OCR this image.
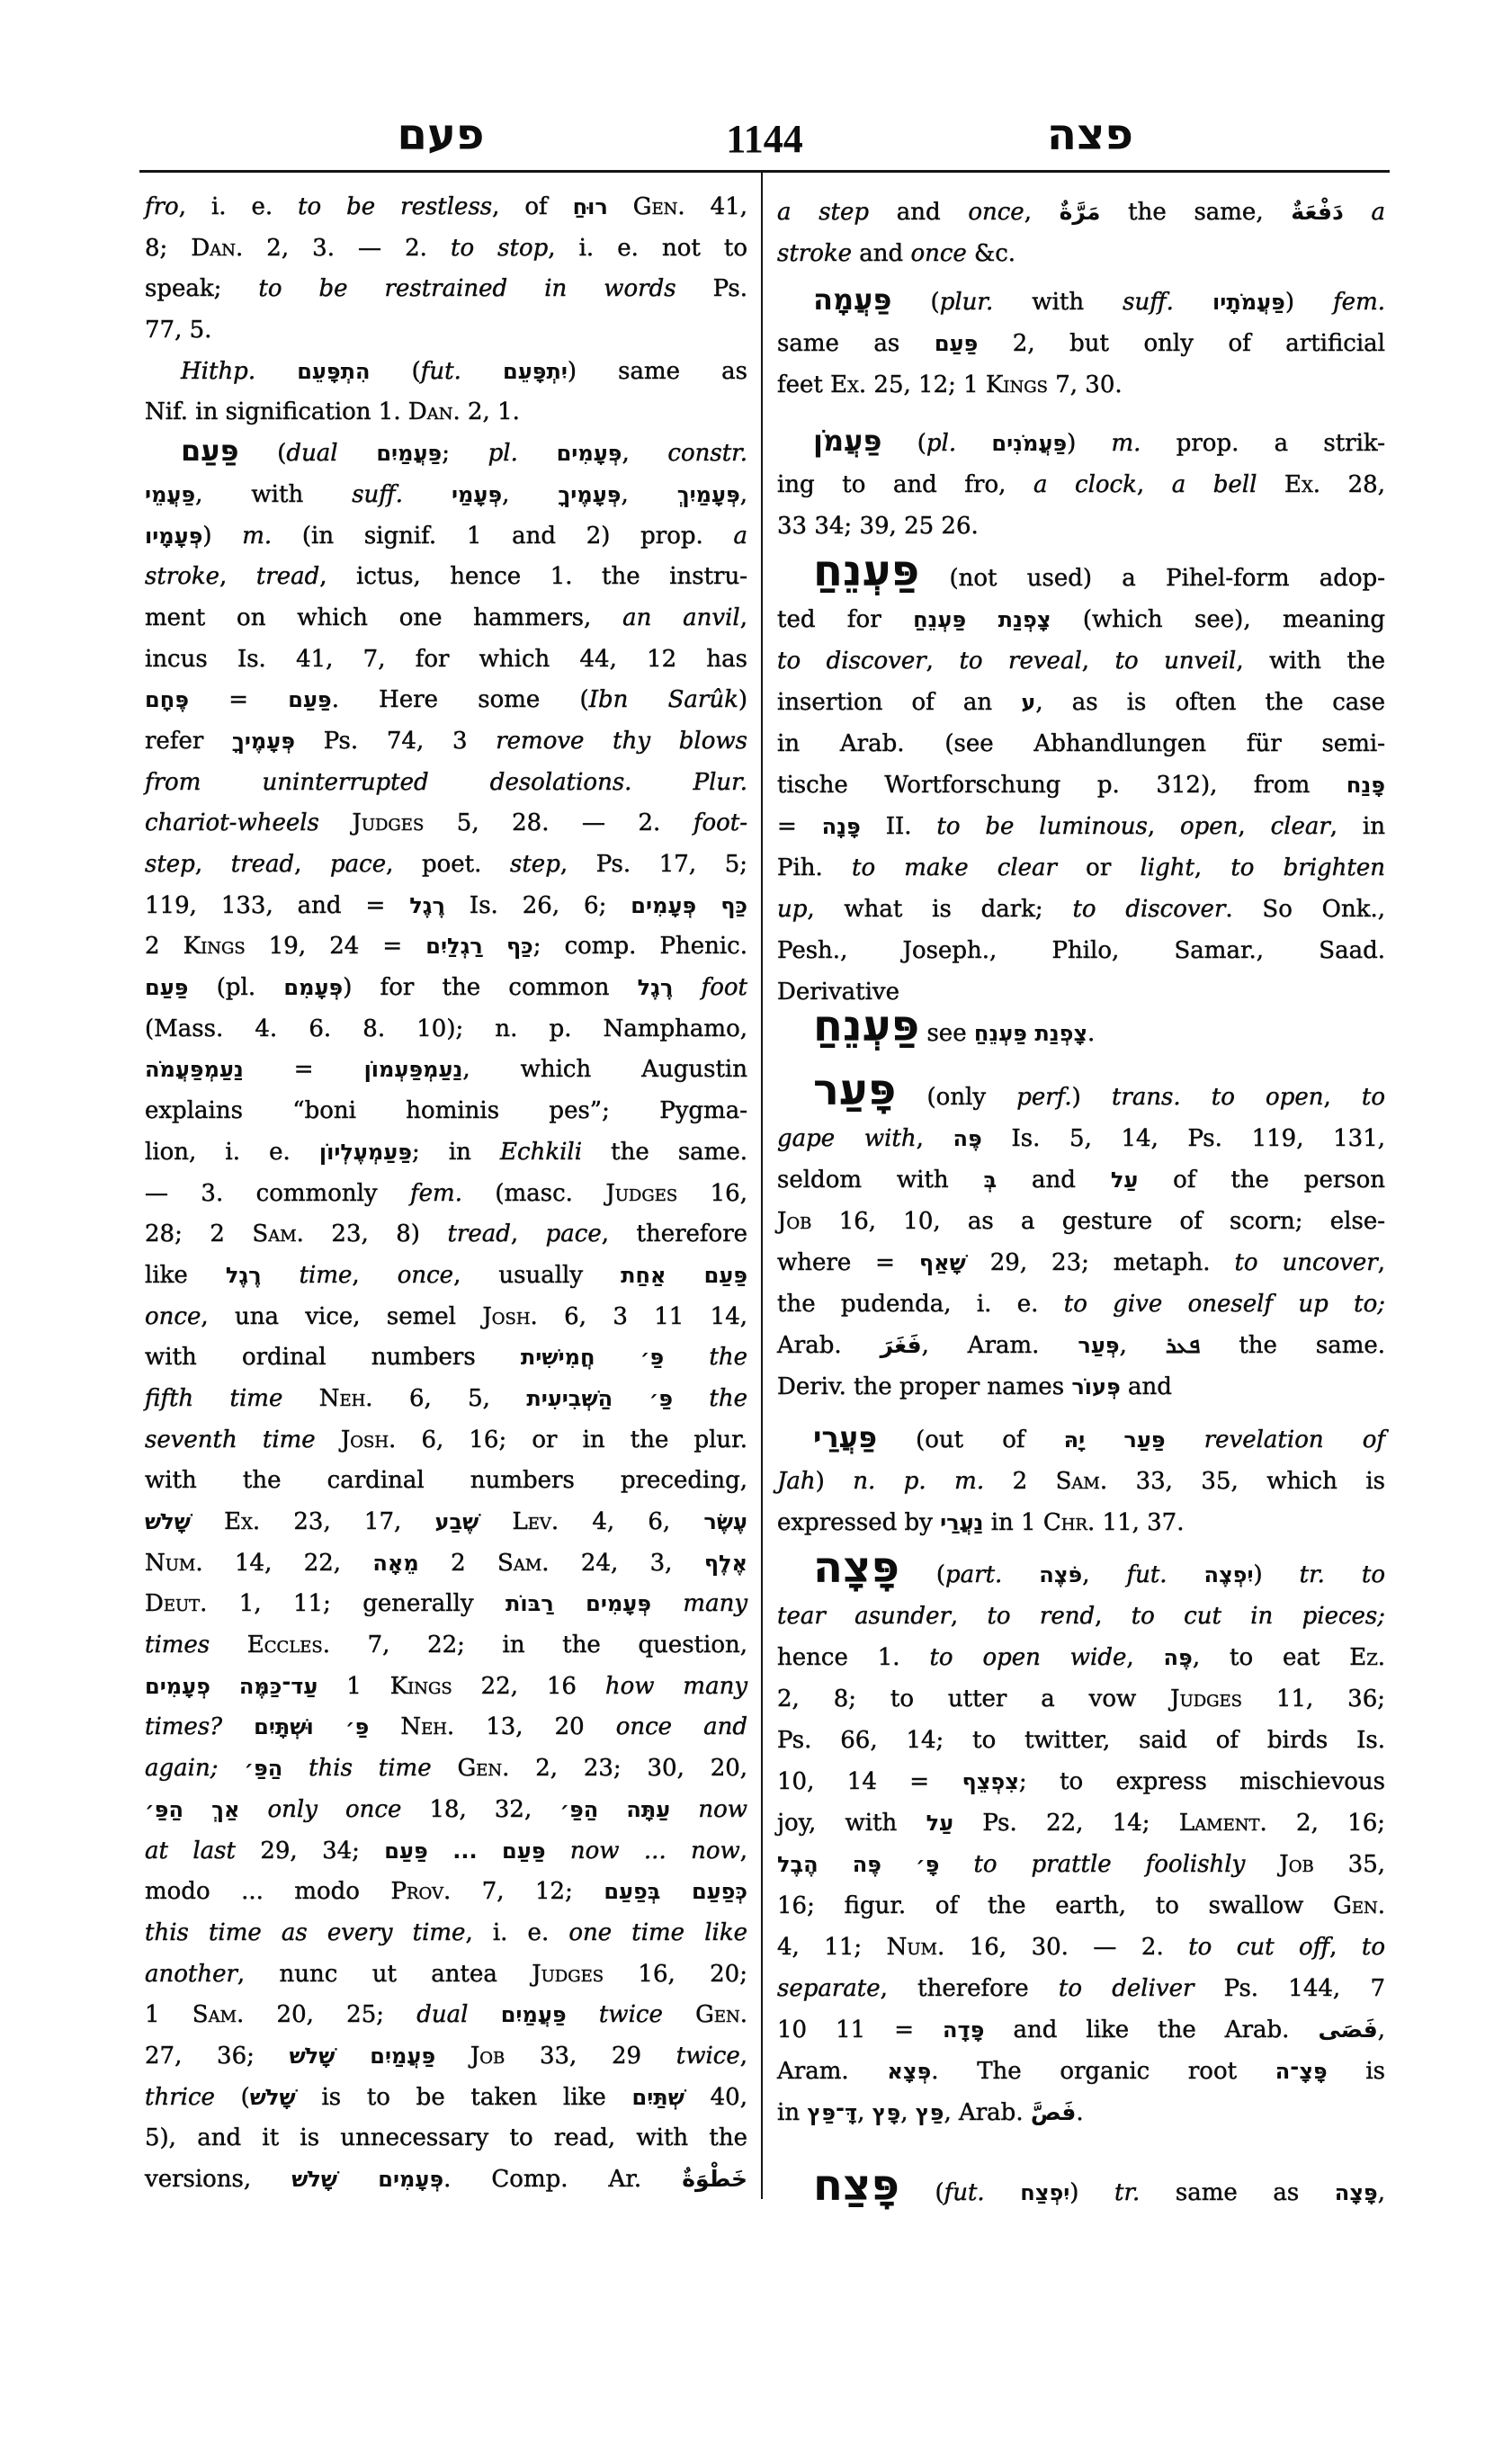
פעם	1144	פצה
fro, i. e. to be restless, of רוּחַ Gen. 41,
8; Dan. 2, 3. — 2. to stop, i. e. not to
speak; to be restrained in words Ps.
77, 5.
Hithp. הִתְפָּעֵם (fut. יִתְפָּעֵם) same as
Nif. in signification 1. Dan. 2, 1.
פַּעַם (dual פַּעֲמַיִם; pl. פְּעָמִים, constr.
פַּעֲמֵי, with suff. פְּעָמַי, פְּעָמֶיךָ, פְּעָמַיִךְ,
פְּעָמָיו) m. (in signif. 1 and 2) prop. a
stroke, tread, ictus, hence 1. the instru-
ment on which one hammers, an anvil,
incus Is. 41, 7, for which 44, 12 has
פֶּחָם = פַּעַם. Here some (Ibn Sarûk)
refer פְּעָמֶיךָ Ps. 74, 3 remove thy blows
from uninterrupted desolations. Plur.
chariot-wheels Judges 5, 28. — 2. foot-
step, tread, pace, poet. step, Ps. 17, 5;
119, 133, and = רֶגֶל Is. 26, 6; כַּף פְּעָמִים
2 Kings 19, 24 = כַּף רַגְלַיִם; comp. Phenic.
פַּעַם (pl. פְּעָמִם) for the common רֶגֶל foot
(Mass. 4. 6. 8. 10); n. p. Namphamo,
נַעַמְפַּעֲמֹה = נַעַמְפַּעְמוֹן, which Augustin
explains “boni hominis pes”; Pygma-
lion, i. e. פַּעַמְעֶלְיוֹן; in Echkili the same.
— 3. commonly fem. (masc. Judges 16,
28; 2 Sam. 23, 8) tread, pace, therefore
like רֶגֶל time, once, usually פַּעַם אַחַת
once, una vice, semel Josh. 6, 3 11 14,
with ordinal numbers פַּ׳ חֲמִישִׁית the
fifth time Neh. 6, 5, פַּ׳ הַשְּׁבִיעִית the
seventh time Josh. 6, 16; or in the plur.
with the cardinal numbers preceding,
שָׁלֹשׁ Ex. 23, 17, שֶׁבַע Lev. 4, 6, עֶשֶׂר
Num. 14, 22, מֵאָה 2 Sam. 24, 3, אֶלֶף
Deut. 1, 11; generally פְּעָמִים רַבּוֹת many
times Eccles. 7, 22; in the question,
עַד־כַּמֶּה פְעָמִים 1 Kings 22, 16 how many
times? פַּ׳ וּשְׁתָּיִם Neh. 13, 20 once and
again; הַפַּ׳ this time Gen. 2, 23; 30, 20,
אַךְ הַפַּ׳ only once 18, 32, עַתָּה הַפַּ׳ now
at last 29, 34; פַּעַם ... פַּעַם now ... now,
modo ... modo Prov. 7, 12; כְּפַעַם בְּפַעַם
this time as every time, i. e. one time like
another, nunc ut antea Judges 16, 20;
1 Sam. 20, 25; dual פַּעֲמַיִם twice Gen.
27, 36; פַּעֲמַיִם שָׁלֹשׁ Job 33, 29 twice,
thrice (שָׁלֹשׁ is to be taken like שְׁתַּיִם 40,
5), and it is unnecessary to read, with the
versions, פְּעָמִים שָׁלֹשׁ. Comp. Ar. خَطْوَةٌ
a step and once, مَرَّةٌ the same, دَفْعَةٌ a
stroke and once &c.
פַּעֲמָה (plur. with suff. פַּעֲמֹתָיו) fem.
same as פַּעַם 2, but only of artificial
feet Ex. 25, 12; 1 Kings 7, 30.
פַּעֲמֹן (pl. פַּעֲמֹנִים) m. prop. a strik-
ing to and fro, a clock, a bell Ex. 28,
33 34; 39, 25 26.
פַּעְנֵחַ (not used) a Pihel-form adop-
ted for צָפְנַת פַּעְנֵחַ (which see), meaning
to discover, to reveal, to unveil, with the
insertion of an ע, as is often the case
in Arab. (see Abhandlungen für semi-
tische Wortforschung p. 312), from פָּנַח
= פָּנָה II. to be luminous, open, clear, in
Pih. to make clear or light, to brighten
up, what is dark; to discover. So Onk.,
Pesh., Joseph., Philo, Samar., Saad.
Derivative
פַּעְנֵחַ see צָפְנַת פַּעְנֵחַ.
פָּעַר (only perf.) trans. to open, to
gape with, פֶּה Is. 5, 14, Ps. 119, 131,
seldom with בְּ and עַל of the person
Job 16, 10, as a gesture of scorn; else-
where = שָׁאַף 29, 23; metaph. to uncover,
the pudenda, i. e. to give oneself up to;
Arab. فَغَرَ, Aram. פְּעַר, ܦܥܪ the same.
Deriv. the proper names פְּעוֹר and
פַּעֲרַי (out of פַּעַר יָהּ revelation of
Jah) n. p. m. 2 Sam. 33, 35, which is
expressed by נַעֲרַי in 1 Chr. 11, 37.
פָּצָה (part. פֹּצֶה, fut. יִפְצֶה) tr. to
tear asunder, to rend, to cut in pieces;
hence 1. to open wide, פֶּה, to eat Ez.
2, 8; to utter a vow Judges 11, 36;
Ps. 66, 14; to twitter, said of birds Is.
10, 14 = צִפְצֵף; to express mischievous
joy, with עַל Ps. 22, 14; Lament. 2, 16;
פָּ׳ פֶּה הֶבֶל to prattle foolishly Job 35,
16; figur. of the earth, to swallow Gen.
4, 11; Num. 16, 30. — 2. to cut off, to
separate, therefore to deliver Ps. 144, 7
10 11 = פָּדָה and like the Arab. فَصَى,
Aram. פְּצָא. The organic root פָּצָ־ה is
in דָּ־פַּץ, פָּץ, פַּץ, Arab. فَصَّ.
פָּצַח (fut. יִפְצַח) tr. same as פָּצָה,
